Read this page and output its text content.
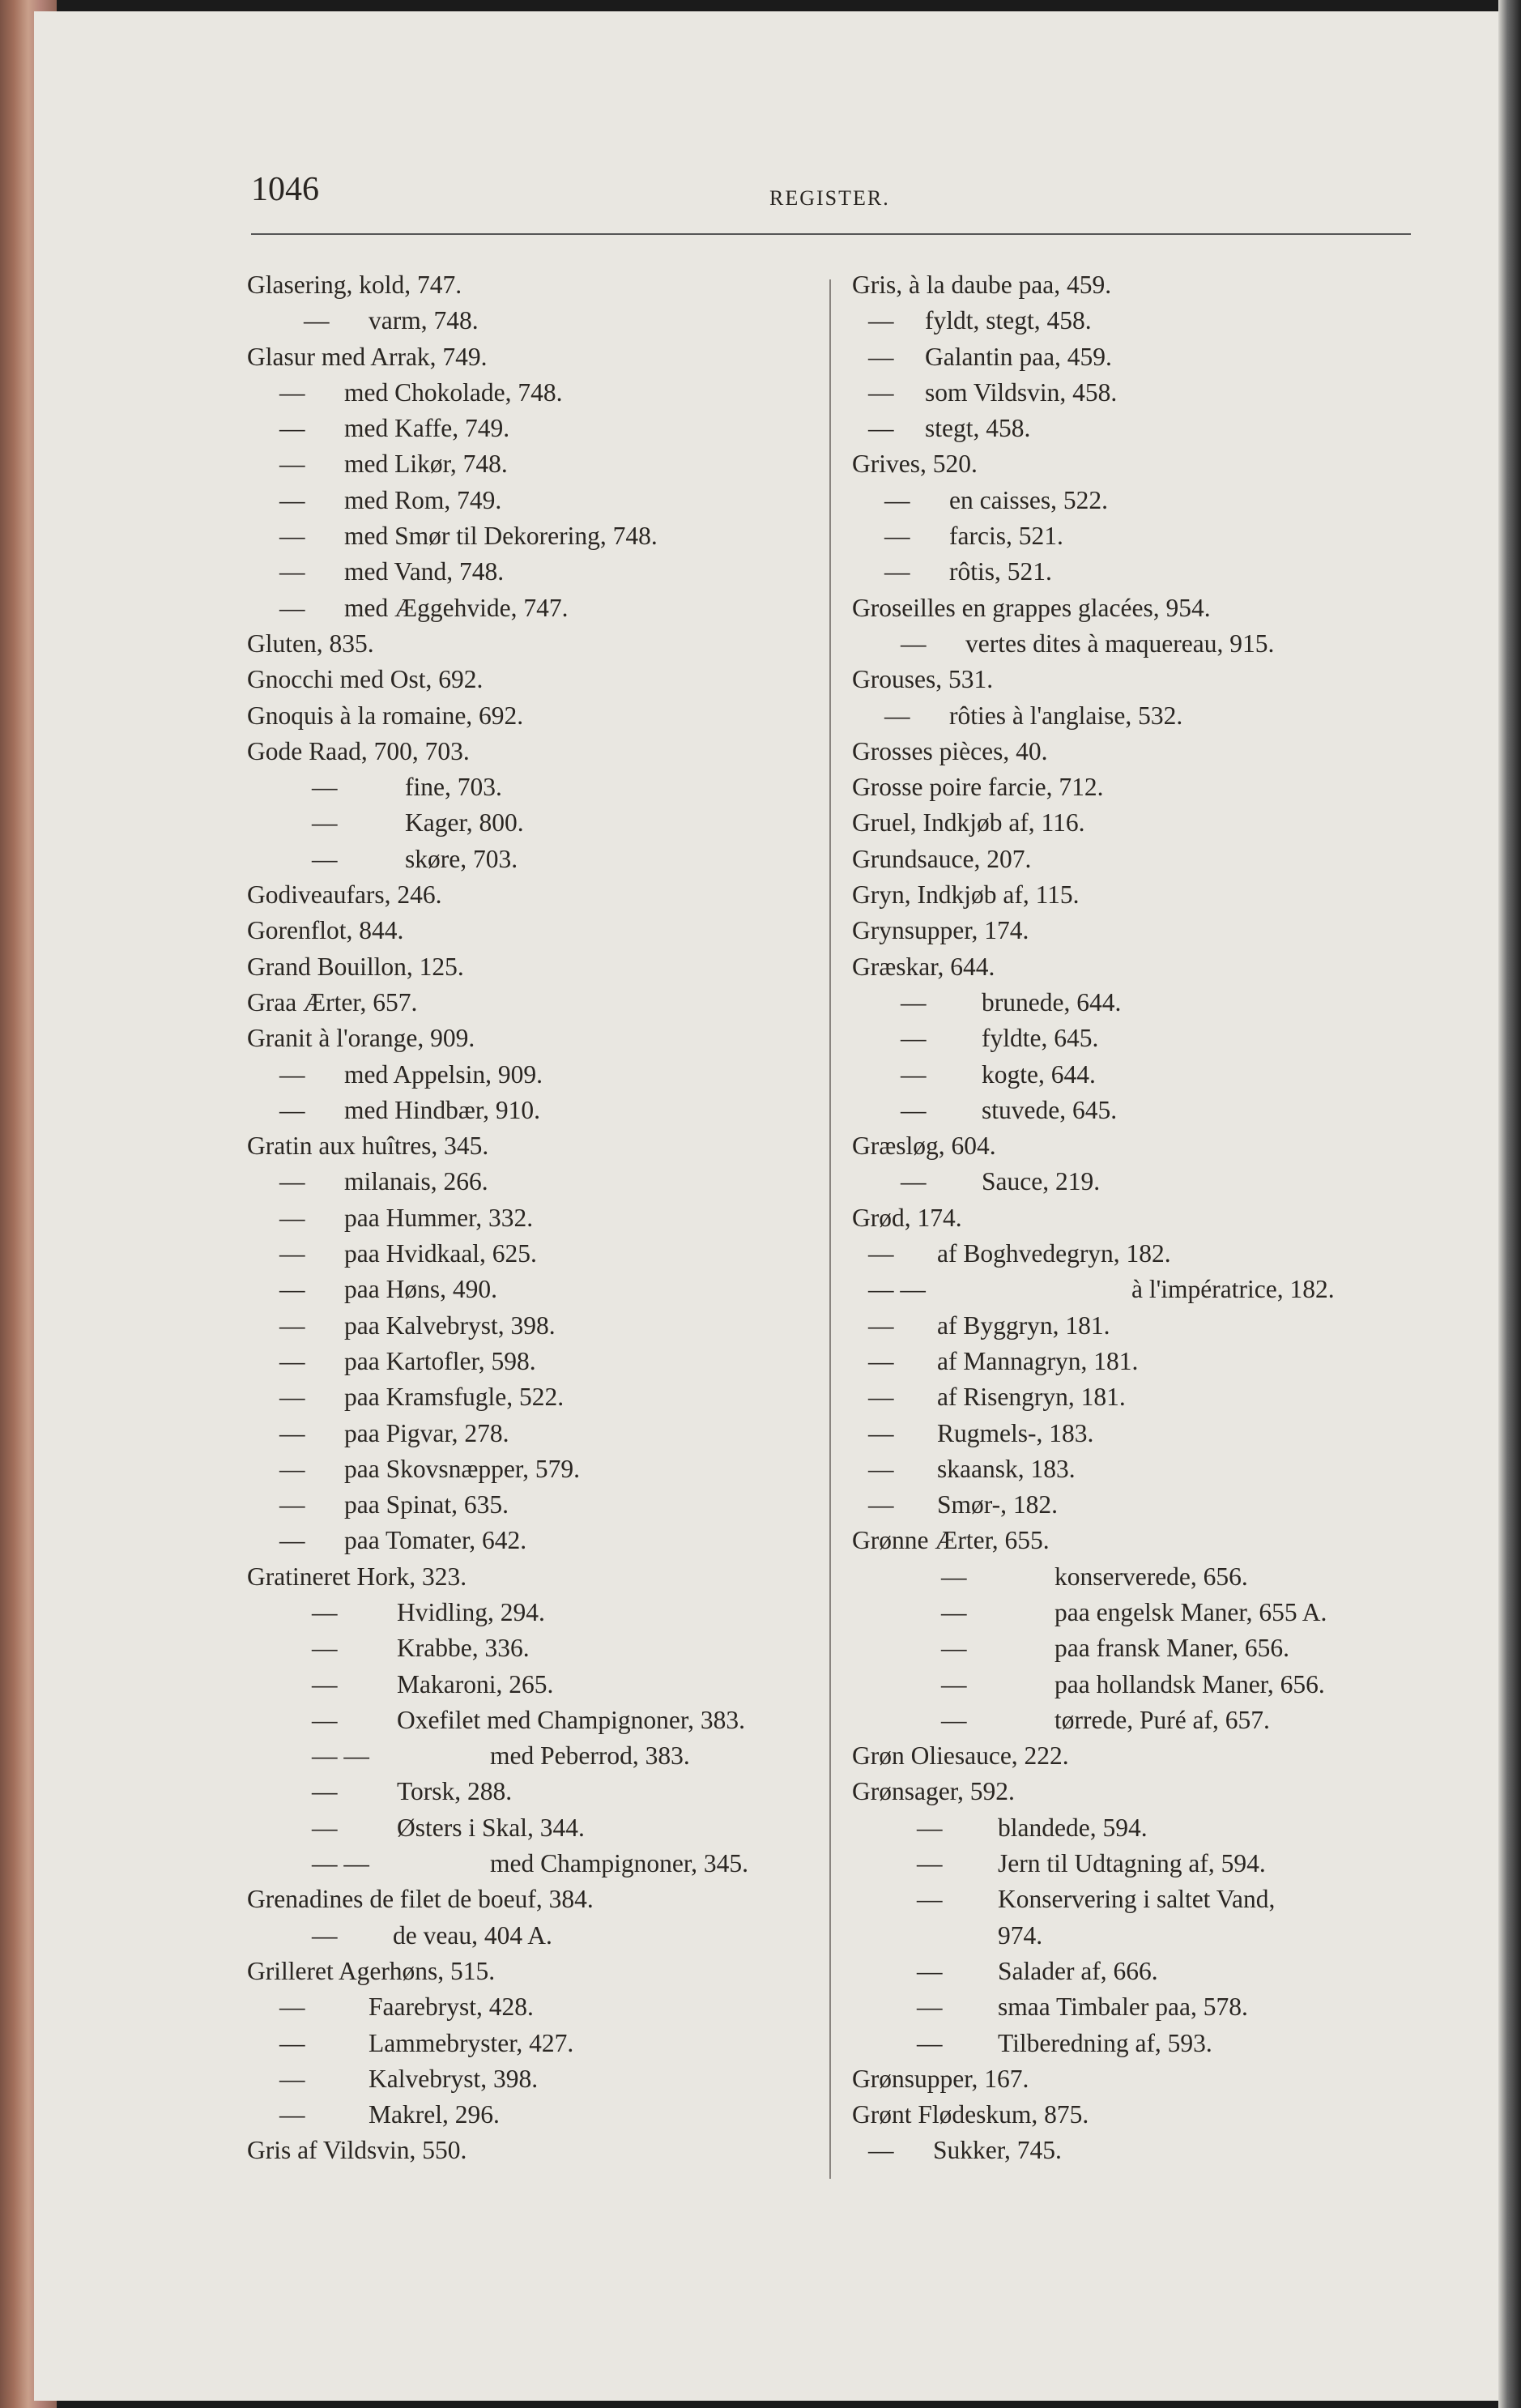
1046	REGISTER.
Glasering, kold, 747.
— varm, 748.
Glasur med Arrak, 749.
— med Chokolade, 748.
— med Kaffe, 749.
— med Likør, 748.
— med Rom, 749.
— med Smør til Dekorering, 748.
— med Vand, 748.
— med Æggehvide, 747.
Gluten, 835.
Gnocchi med Ost, 692.
Gnoquis à la romaine, 692.
Gode Raad, 700, 703.
—	fine, 703.
—	Kager, 800.
—	skøre, 703.
Godiveaufars, 246.
Gorenflot, 844.
Grand Bouillon, 125.
Graa Ærter, 657.
Granit à l'orange, 909.
— med Appelsin, 909.
— med Hindbær, 910.
Gratin aux huîtres, 345.
— milanais, 266.
— paa Hummer, 332.
— paa Hvidkaal, 625.
— paa Høns, 490.
— paa Kalvebryst, 398.
— paa Kartofler, 598.
— paa Kramsfugle, 522.
— paa Pigvar, 278.
— paa Skovsnæpper, 579.
— paa Spinat, 635.
— paa Tomater, 642.
Gratineret Hork, 323.
— Hvidling, 294.
— Krabbe, 336.
— Makaroni, 265.
— Oxefilet med Champignoner, 383.
— —	med Peberrod, 383.
— Torsk, 288.
— Østers i Skal, 344.
— —	med Champignoner, 345.
Grenadines de filet de boeuf, 384.
— de veau, 404 A.
Grilleret Agerhøns, 515.
— Faarebryst, 428.
— Lammebryster, 427.
— Kalvebryst, 398.
— Makrel, 296.
Gris af Vildsvin, 550.
Gris, à la daube paa, 459.
— fyldt, stegt, 458.
— Galantin paa, 459.
— som Vildsvin, 458.
— stegt, 458.
Grives, 520.
— en caisses, 522.
— farcis, 521.
— rôtis, 521.
Groseilles en grappes glacées, 954.
— vertes dites à maquereau, 915.
Grouses, 531.
— rôties à l'anglaise, 532.
Grosses pièces, 40.
Grosse poire farcie, 712.
Gruel, Indkjøb af, 116.
Grundsauce, 207.
Gryn, Indkjøb af, 115.
Grynsupper, 174.
Græskar, 644.
— brunede, 644.
— fyldte, 645.
— kogte, 644.
— stuvede, 645.
Græsløg, 604.
— Sauce, 219.
Grød, 174.
— af Boghvedegryn, 182.
— —	à l'impératrice, 182.
— af Byggryn, 181.
— af Mannagryn, 181.
— af Risengryn, 181.
— Rugmels-, 183.
— skaansk, 183.
— Smør-, 182.
Grønne Ærter, 655.
—	konserverede, 656.
—	paa engelsk Maner, 655 A.
—	paa fransk Maner, 656.
—	paa hollandsk Maner, 656.
—	tørrede, Puré af, 657.
Grøn Oliesauce, 222.
Grønsager, 592.
— blandede, 594.
— Jern til Udtagning af, 594.
— Konservering i saltet Vand,
974.
— Salader af, 666.
— smaa Timbaler paa, 578.
— Tilberedning af, 593.
Grønsupper, 167.
Grønt Flødeskum, 875.
— Sukker, 745.
